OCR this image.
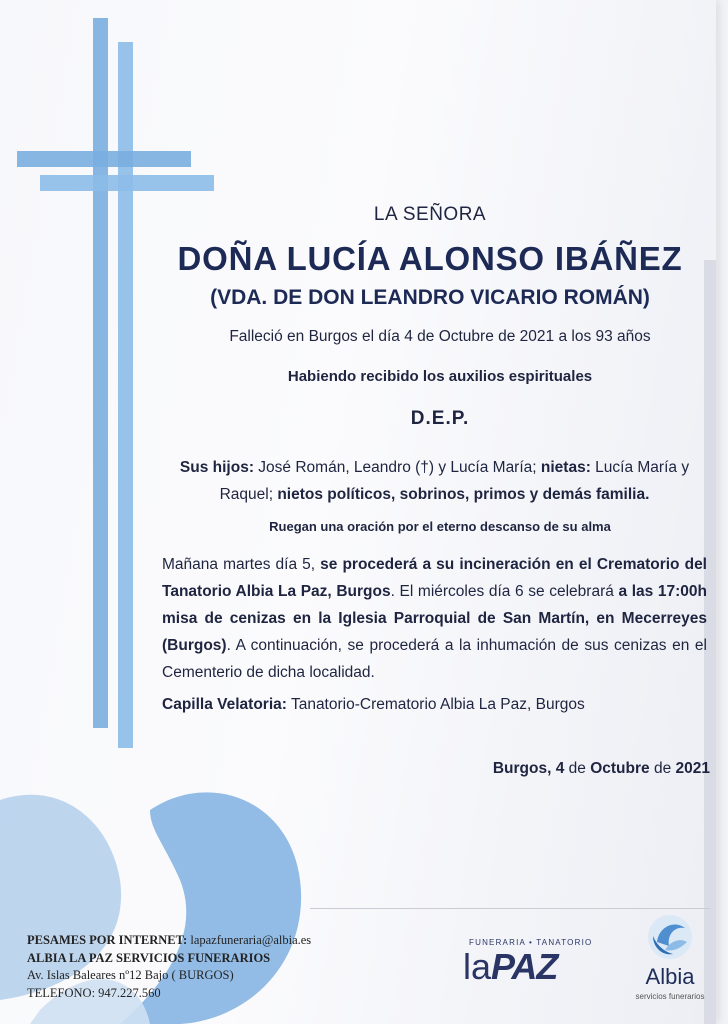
LA SEÑORA
DOÑA LUCÍA ALONSO IBÁÑEZ
(VDA. DE DON LEANDRO VICARIO ROMÁN)
Falleció en Burgos el día 4 de Octubre de 2021 a los 93 años
Habiendo recibido los auxilios espirituales
D.E.P.
Sus hijos: José Román, Leandro (†) y Lucía María; nietas: Lucía María y Raquel; nietos políticos, sobrinos, primos y demás familia.
Ruegan una oración por el eterno descanso de su alma
Mañana martes día 5, se procederá a su incineración en el Crematorio del Tanatorio Albia La Paz, Burgos. El miércoles día 6 se celebrará a las 17:00h misa de cenizas en la Iglesia Parroquial de San Martín, en Mecerreyes (Burgos). A continuación, se procederá a la inhumación de sus cenizas en el Cementerio de dicha localidad.
Capilla Velatoria: Tanatorio-Crematorio Albia La Paz, Burgos
Burgos, 4 de Octubre de 2021
PESAMES POR INTERNET: lapazfuneraria@albia.es
ALBIA LA PAZ SERVICIOS FUNERARIOS
Av. Islas Baleares nº12 Bajo ( BURGOS)
TELEFONO: 947.227.560
FUNERARIA • TANATORIO
laPAZ	Albia
servicios funerarios
